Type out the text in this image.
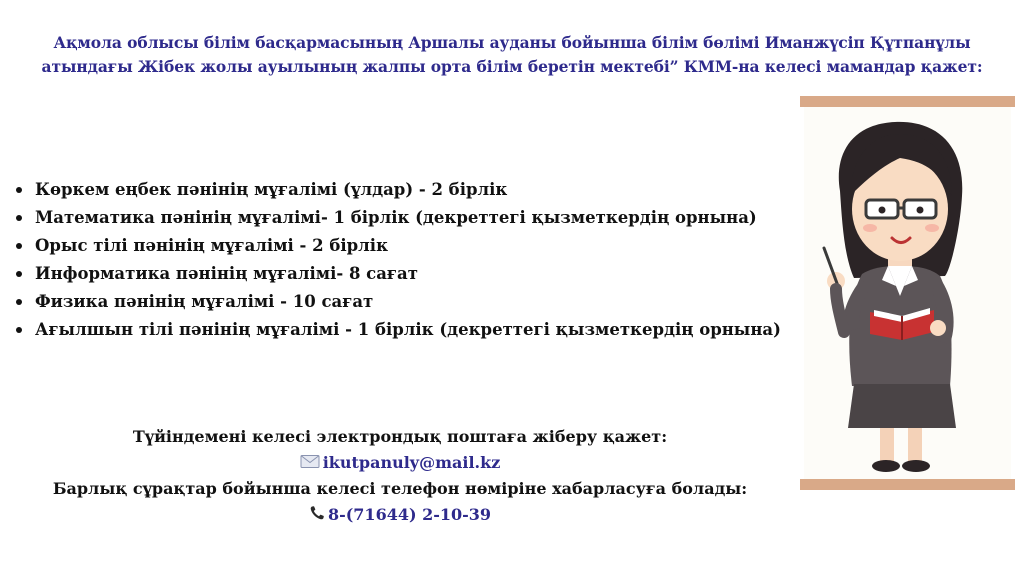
Ақмола облысы білім басқармасының Аршалы ауданы бойынша білім бөлімі Иманжүсіп Құтпанұлы
атындағы Жібек жолы ауылының жалпы орта білім беретін мектебі” КММ-на келесі мамандар қажет:
Көркем еңбек пәнінің мұғалімі (ұлдар) - 2 бірлік
Математика пәнінің мұғалімі- 1 бірлік (декреттегі қызметкердің орнына)
Орыс тілі пәнінің мұғалімі - 2 бірлік
Информатика пәнінің мұғалімі- 8 сағат
Физика пәнінің мұғалімі - 10 сағат
Ағылшын тілі пәнінің мұғалімі - 1 бірлік (декреттегі қызметкердің орнына)
Түйіндемені келесі электрондық поштаға жіберу қажет:
ikutpanuly@mail.kz
Барлық сұрақтар бойынша келесі телефон нөміріне хабарласуға болады:
8-(71644) 2-10-39
